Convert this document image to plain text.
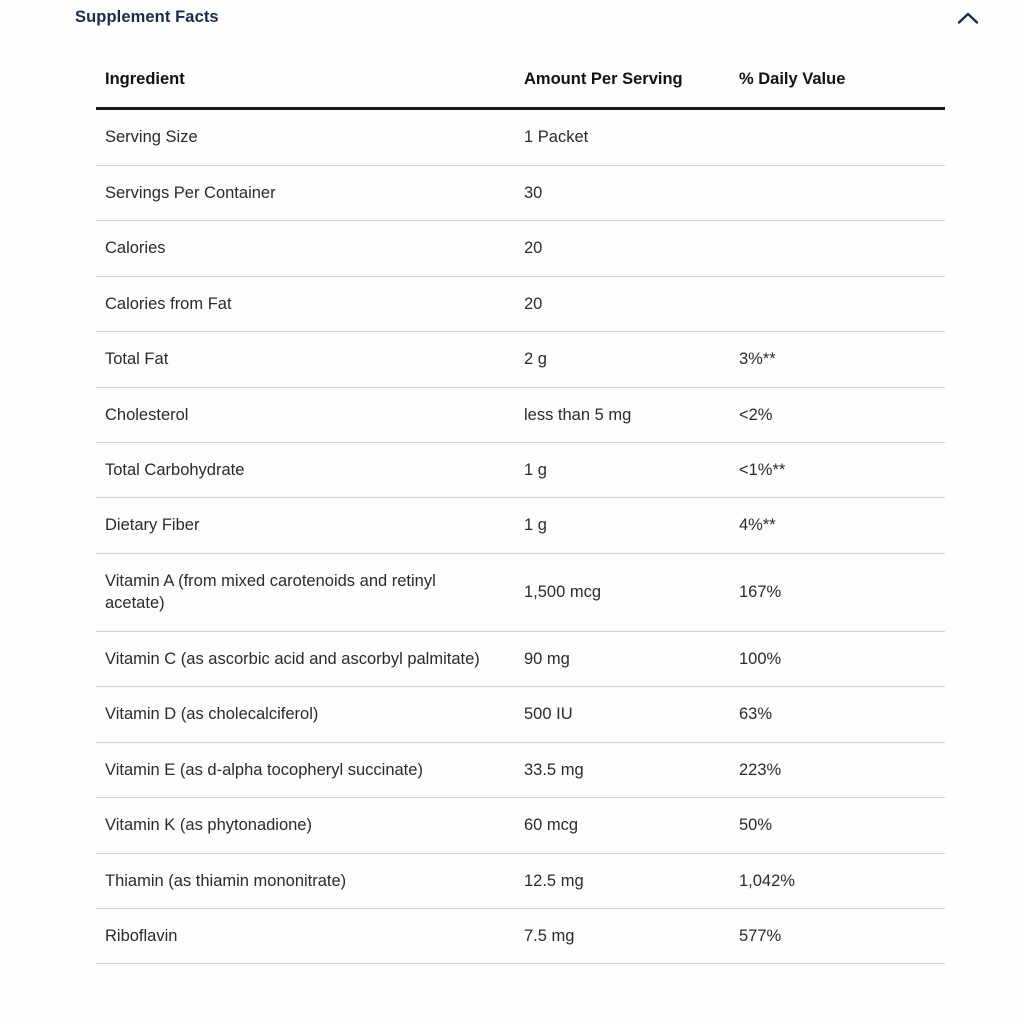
Supplement Facts
Ingredient	Amount Per Serving	% Daily Value
Serving Size	1 Packet	
Servings Per Container	30	
Calories	20	
Calories from Fat	20	
Total Fat	2 g	3%**
Cholesterol	less than 5 mg	<2%
Total Carbohydrate	1 g	<1%**
Dietary Fiber	1 g	4%**
Vitamin A (from mixed carotenoids and retinyl acetate)	1,500 mcg	167%
Vitamin C (as ascorbic acid and ascorbyl palmitate)	90 mg	100%
Vitamin D (as cholecalciferol)	500 IU	63%
Vitamin E (as d-alpha tocopheryl succinate)	33.5 mg	223%
Vitamin K (as phytonadione)	60 mcg	50%
Thiamin (as thiamin mononitrate)	12.5 mg	1,042%
Riboflavin	7.5 mg	577%
